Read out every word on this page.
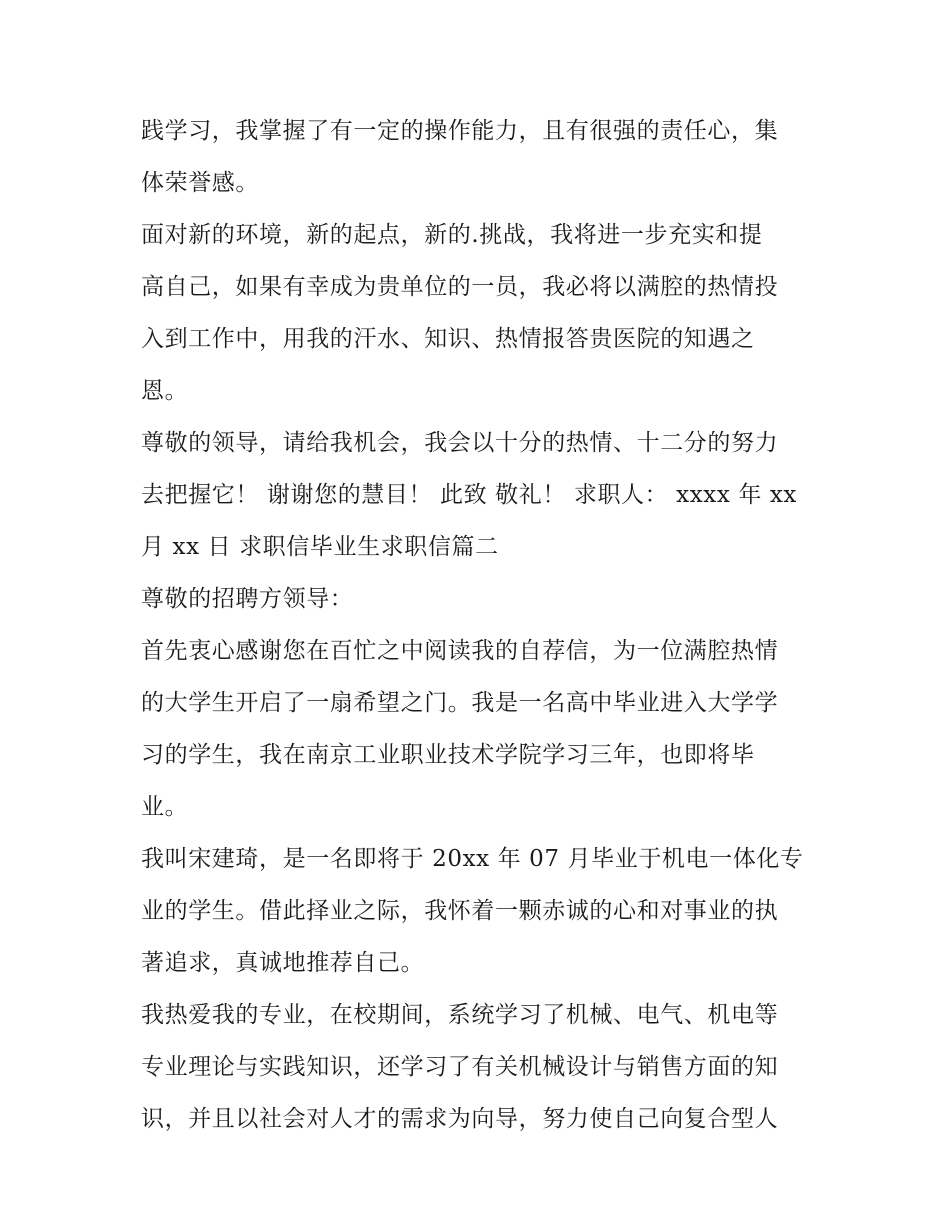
践学习，我掌握了有一定的操作能力，且有很强的责任心，集
体荣誉感。
面对新的环境，新的起点，新的.挑战，我将进一步充实和提
高自己，如果有幸成为贵单位的一员，我必将以满腔的热情投
入到工作中，用我的汗水、知识、热情报答贵医院的知遇之
恩。
尊敬的领导，请给我机会，我会以十分的热情、十二分的努力
去把握它！ 谢谢您的慧目！ 此致 敬礼！ 求职人： xxxx 年 xx
月 xx 日 求职信毕业生求职信篇二
尊敬的招聘方领导：
首先衷心感谢您在百忙之中阅读我的自荐信，为一位满腔热情
的大学生开启了一扇希望之门。我是一名高中毕业进入大学学
习的学生，我在南京工业职业技术学院学习三年，也即将毕
业。
我叫宋建琦，是一名即将于 20xx 年 07 月毕业于机电一体化专
业的学生。借此择业之际，我怀着一颗赤诚的心和对事业的执
著追求，真诚地推荐自己。
我热爱我的专业，在校期间，系统学习了机械、电气、机电等
专业理论与实践知识，还学习了有关机械设计与销售方面的知
识，并且以社会对人才的需求为向导，努力使自己向复合型人
